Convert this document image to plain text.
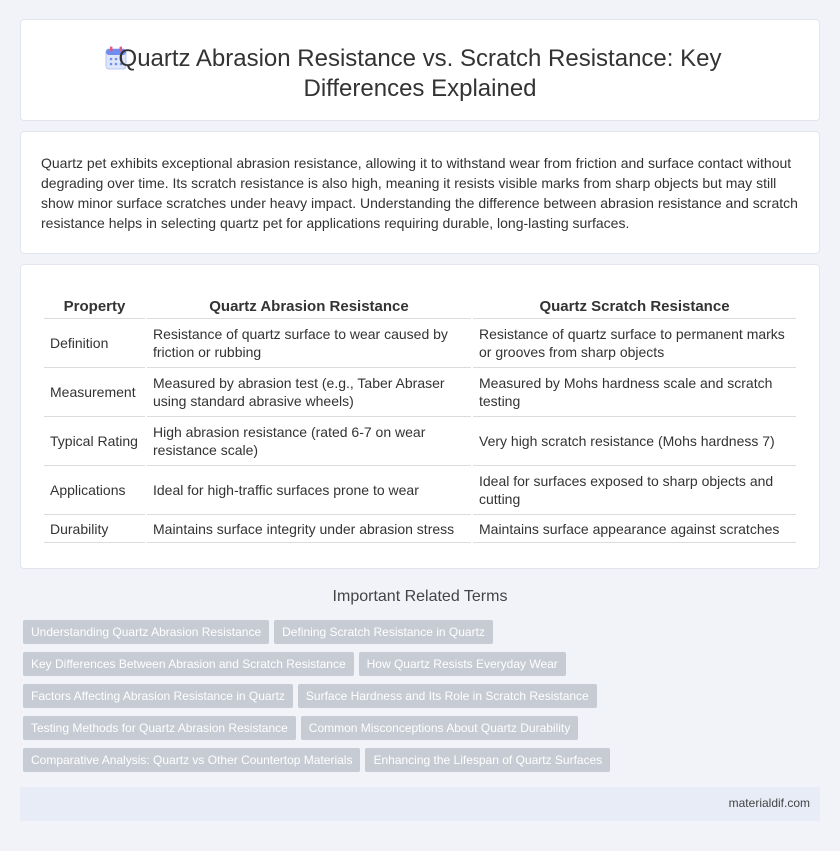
Quartz Abrasion Resistance vs. Scratch Resistance: Key Differences Explained

Quartz pet exhibits exceptional abrasion resistance, allowing it to withstand wear from friction and surface contact without degrading over time. Its scratch resistance is also high, meaning it resists visible marks from sharp objects but may still show minor surface scratches under heavy impact. Understanding the difference between abrasion resistance and scratch resistance helps in selecting quartz pet for applications requiring durable, long-lasting surfaces.

Property	Quartz Abrasion Resistance	Quartz Scratch Resistance
Definition	Resistance of quartz surface to wear caused by friction or rubbing	Resistance of quartz surface to permanent marks or grooves from sharp objects
Measurement	Measured by abrasion test (e.g., Taber Abraser using standard abrasive wheels)	Measured by Mohs hardness scale and scratch testing
Typical Rating	High abrasion resistance (rated 6-7 on wear resistance scale)	Very high scratch resistance (Mohs hardness 7)
Applications	Ideal for high-traffic surfaces prone to wear	Ideal for surfaces exposed to sharp objects and cutting
Durability	Maintains surface integrity under abrasion stress	Maintains surface appearance against scratches
Important Related Terms
Understanding Quartz Abrasion Resistance Defining Scratch Resistance in Quartz
Key Differences Between Abrasion and Scratch Resistance How Quartz Resists Everyday Wear
Factors Affecting Abrasion Resistance in Quartz Surface Hardness and Its Role in Scratch Resistance
Testing Methods for Quartz Abrasion Resistance Common Misconceptions About Quartz Durability
Comparative Analysis: Quartz vs Other Countertop Materials Enhancing the Lifespan of Quartz Surfaces
materialdif.com
